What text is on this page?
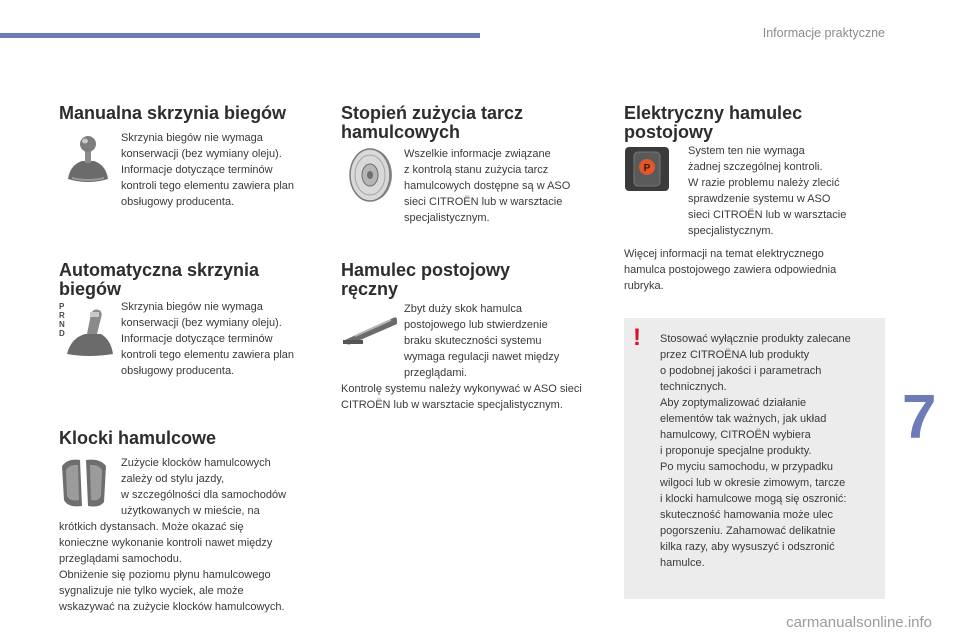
Informacje praktyczne
7
Manualna skrzynia biegów
Skrzynia biegów nie wymaga
konserwacji (bez wymiany oleju).
Informacje dotyczące terminów
kontroli tego elementu zawiera plan
obsługowy producenta.
Automatyczna skrzynia
biegów
P
R
N
D
Skrzynia biegów nie wymaga
konserwacji (bez wymiany oleju).
Informacje dotyczące terminów
kontroli tego elementu zawiera plan
obsługowy producenta.
Klocki hamulcowe
Zużycie klocków hamulcowych
zależy od stylu jazdy,
w szczególności dla samochodów
użytkowanych w mieście, na
krótkich dystansach. Może okazać się
konieczne wykonanie kontroli nawet między
przeglądami samochodu.
Obniżenie się poziomu płynu hamulcowego
sygnalizuje nie tylko wyciek, ale może
wskazywać na zużycie klocków hamulcowych.
Stopień zużycia tarcz
hamulcowych
Wszelkie informacje związane
z kontrolą stanu zużycia tarcz
hamulcowych dostępne są w ASO
sieci CITROËN lub w warsztacie
specjalistycznym.
Hamulec postojowy
ręczny
Zbyt duży skok hamulca
postojowego lub stwierdzenie
braku skuteczności systemu
wymaga regulacji nawet między
przeglądami.
Kontrolę systemu należy wykonywać w ASO sieci
CITROËN lub w warsztacie specjalistycznym.
Elektryczny hamulec
postojowy
P
System ten nie wymaga
żadnej szczególnej kontroli.
W razie problemu należy zlecić
sprawdzenie systemu w ASO
sieci CITROËN lub w warsztacie
specjalistycznym.
Więcej informacji na temat elektrycznego
hamulca postojowego zawiera odpowiednia
rubryka.
! Stosować wyłącznie produkty zalecane
przez CITROËNA lub produkty
o podobnej jakości i parametrach
technicznych.
Aby zoptymalizować działanie
elementów tak ważnych, jak układ
hamulcowy, CITROËN wybiera
i proponuje specjalne produkty.
Po myciu samochodu, w przypadku
wilgoci lub w okresie zimowym, tarcze
i klocki hamulcowe mogą się oszronić:
skuteczność hamowania może ulec
pogorszeniu. Zahamować delikatnie
kilka razy, aby wysuszyć i odszronić
hamulce.
carmanualsonline.info
